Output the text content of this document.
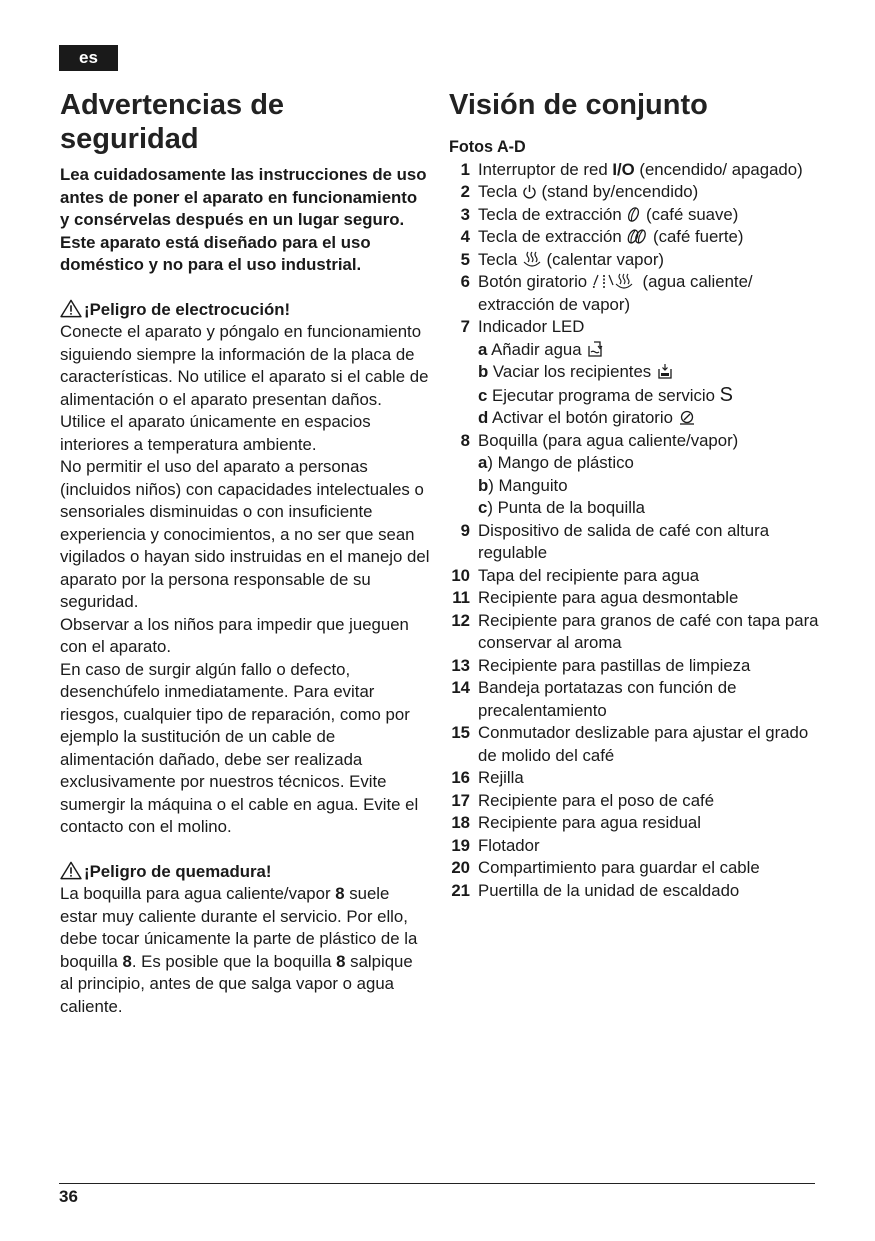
es
Advertencias de
seguridad

Lea cuidadosamente las instrucciones de uso antes de poner el aparato en funcionamiento y consérvelas después en un lugar seguro.

Este aparato está diseñado para el uso doméstico y no para el uso industrial.

¡Peligro de electrocución!

Conecte el aparato y póngalo en funcionamiento siguiendo siempre la información de la placa de características. No utilice el aparato si el cable de alimentación o el aparato presentan daños. Utilice el aparato únicamente en espacios interiores a temperatura ambiente.

No permitir el uso del aparato a personas (incluidos niños) con capacidades intelectuales o sensoriales disminuidas o con insuficiente experiencia y conocimientos, a no ser que sean vigilados o hayan sido instruidas en el manejo del aparato por la persona responsable de su seguridad.

Observar a los niños para impedir que jueguen con el aparato.

En caso de surgir algún fallo o defecto, desenchúfelo inmediatamente. Para evitar riesgos, cualquier tipo de reparación, como por ejemplo la sustitución de un cable de alimentación dañado, debe ser realizada exclusivamente por nuestros técnicos. Evite sumergir la máquina o el cable en agua. Evite el contacto con el molino.

¡Peligro de quemadura!

La boquilla para agua caliente/vapor 8 suele estar muy caliente durante el servicio. Por ello, debe tocar únicamente la parte de plástico de la boquilla 8. Es posible que la boquilla 8 salpique al principio, antes de que salga vapor o agua caliente.

Visión de conjunto
Fotos A-D
1 Interruptor de red I/O (encendido/ apagado)
2 Tecla  (stand by/encendido)
3 Tecla de extracción  (café suave)
4 Tecla de extracción  (café fuerte)
5 Tecla  (calentar vapor)
6 Botón giratorio	(agua caliente/ extracción de vapor)
7 Indicador LED
a Añadir agua
b Vaciar los recipientes
c Ejecutar programa de servicio S
d Activar el botón giratorio
8 Boquilla (para agua caliente/vapor)
a) Mango de plástico
b) Manguito
c) Punta de la boquilla
9 Dispositivo de salida de café con altura regulable
10 Tapa del recipiente para agua
11 Recipiente para agua desmontable
12 Recipiente para granos de café con tapa para conservar al aroma
13 Recipiente para pastillas de limpieza
14 Bandeja portatazas con función de precalentamiento
15 Conmutador deslizable para ajustar el grado de molido del café
16 Rejilla
17 Recipiente para el poso de café
18 Recipiente para agua residual
19 Flotador
20 Compartimiento para guardar el cable
21 Puertilla de la unidad de escaldado
36
